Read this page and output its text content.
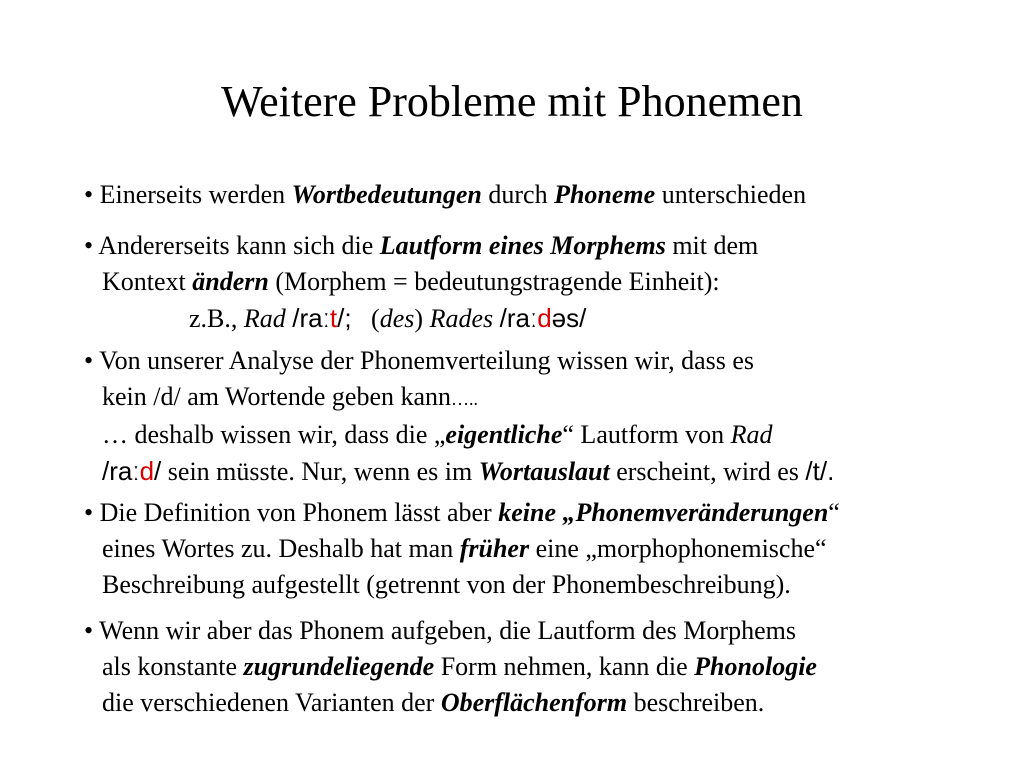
Weitere Probleme mit Phonemen
• Einerseits werden Wortbedeutungen durch Phoneme unterschieden
• Andererseits kann sich die Lautform eines Morphems mit dem
Kontext ändern (Morphem = bedeutungstragende Einheit):
z.B., Rad /raːt/; (des) Rades /raːdəs/
• Von unserer Analyse der Phonemverteilung wissen wir, dass es
kein /d/ am Wortende geben kann…..
… deshalb wissen wir, dass die „eigentliche“ Lautform von Rad
/raːd/ sein müsste. Nur, wenn es im Wortauslaut erscheint, wird es /t/.
• Die Definition von Phonem lässt aber keine „Phonemveränderungen“
eines Wortes zu. Deshalb hat man früher eine „morphophonemische“
Beschreibung aufgestellt (getrennt von der Phonembeschreibung).
• Wenn wir aber das Phonem aufgeben, die Lautform des Morphems
als konstante zugrundeliegende Form nehmen, kann die Phonologie
die verschiedenen Varianten der Oberflächenform beschreiben.
